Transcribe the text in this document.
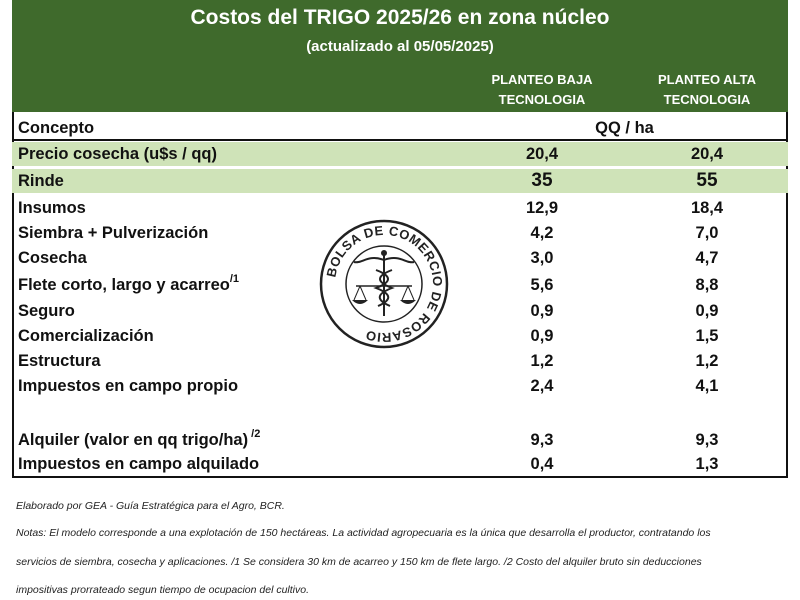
Costos del TRIGO 2025/26 en zona núcleo
(actualizado al 05/05/2025)
PLANTEO BAJA
TECNOLOGIA
PLANTEO ALTA
TECNOLOGIA
Concepto	QQ / ha
Precio cosecha (u$s / qq)	20,4	20,4
Rinde	35	55
Insumos	12,9	18,4
Siembra + Pulverización	4,2	7,0
Cosecha	3,0	4,7
Flete corto, largo y acarreo$^{/1}$	5,6	8,8
Seguro	0,9	0,9
Comercialización	0,9	1,5
Estructura	1,2	1,2
Impuestos en campo propio	2,4	4,1
Alquiler (valor en qq trigo/ha) $^{/2}$	9,3	9,3
Impuestos en campo alquilado	0,4	1,3
BOLSA DE COMERCIO DE ROSARIO
Elaborado por GEA - Guía Estratégica para el Agro, BCR.
Notas: El modelo corresponde a una explotación de 150 hectáreas. La actividad agropecuaria es la única que desarrolla el productor, contratando los
servicios de siembra, cosecha y aplicaciones. /1 Se considera 30 km de acarreo y 150 km de flete largo. /2 Costo del alquiler bruto sin deducciones
impositivas prorrateado segun tiempo de ocupacion del cultivo.
